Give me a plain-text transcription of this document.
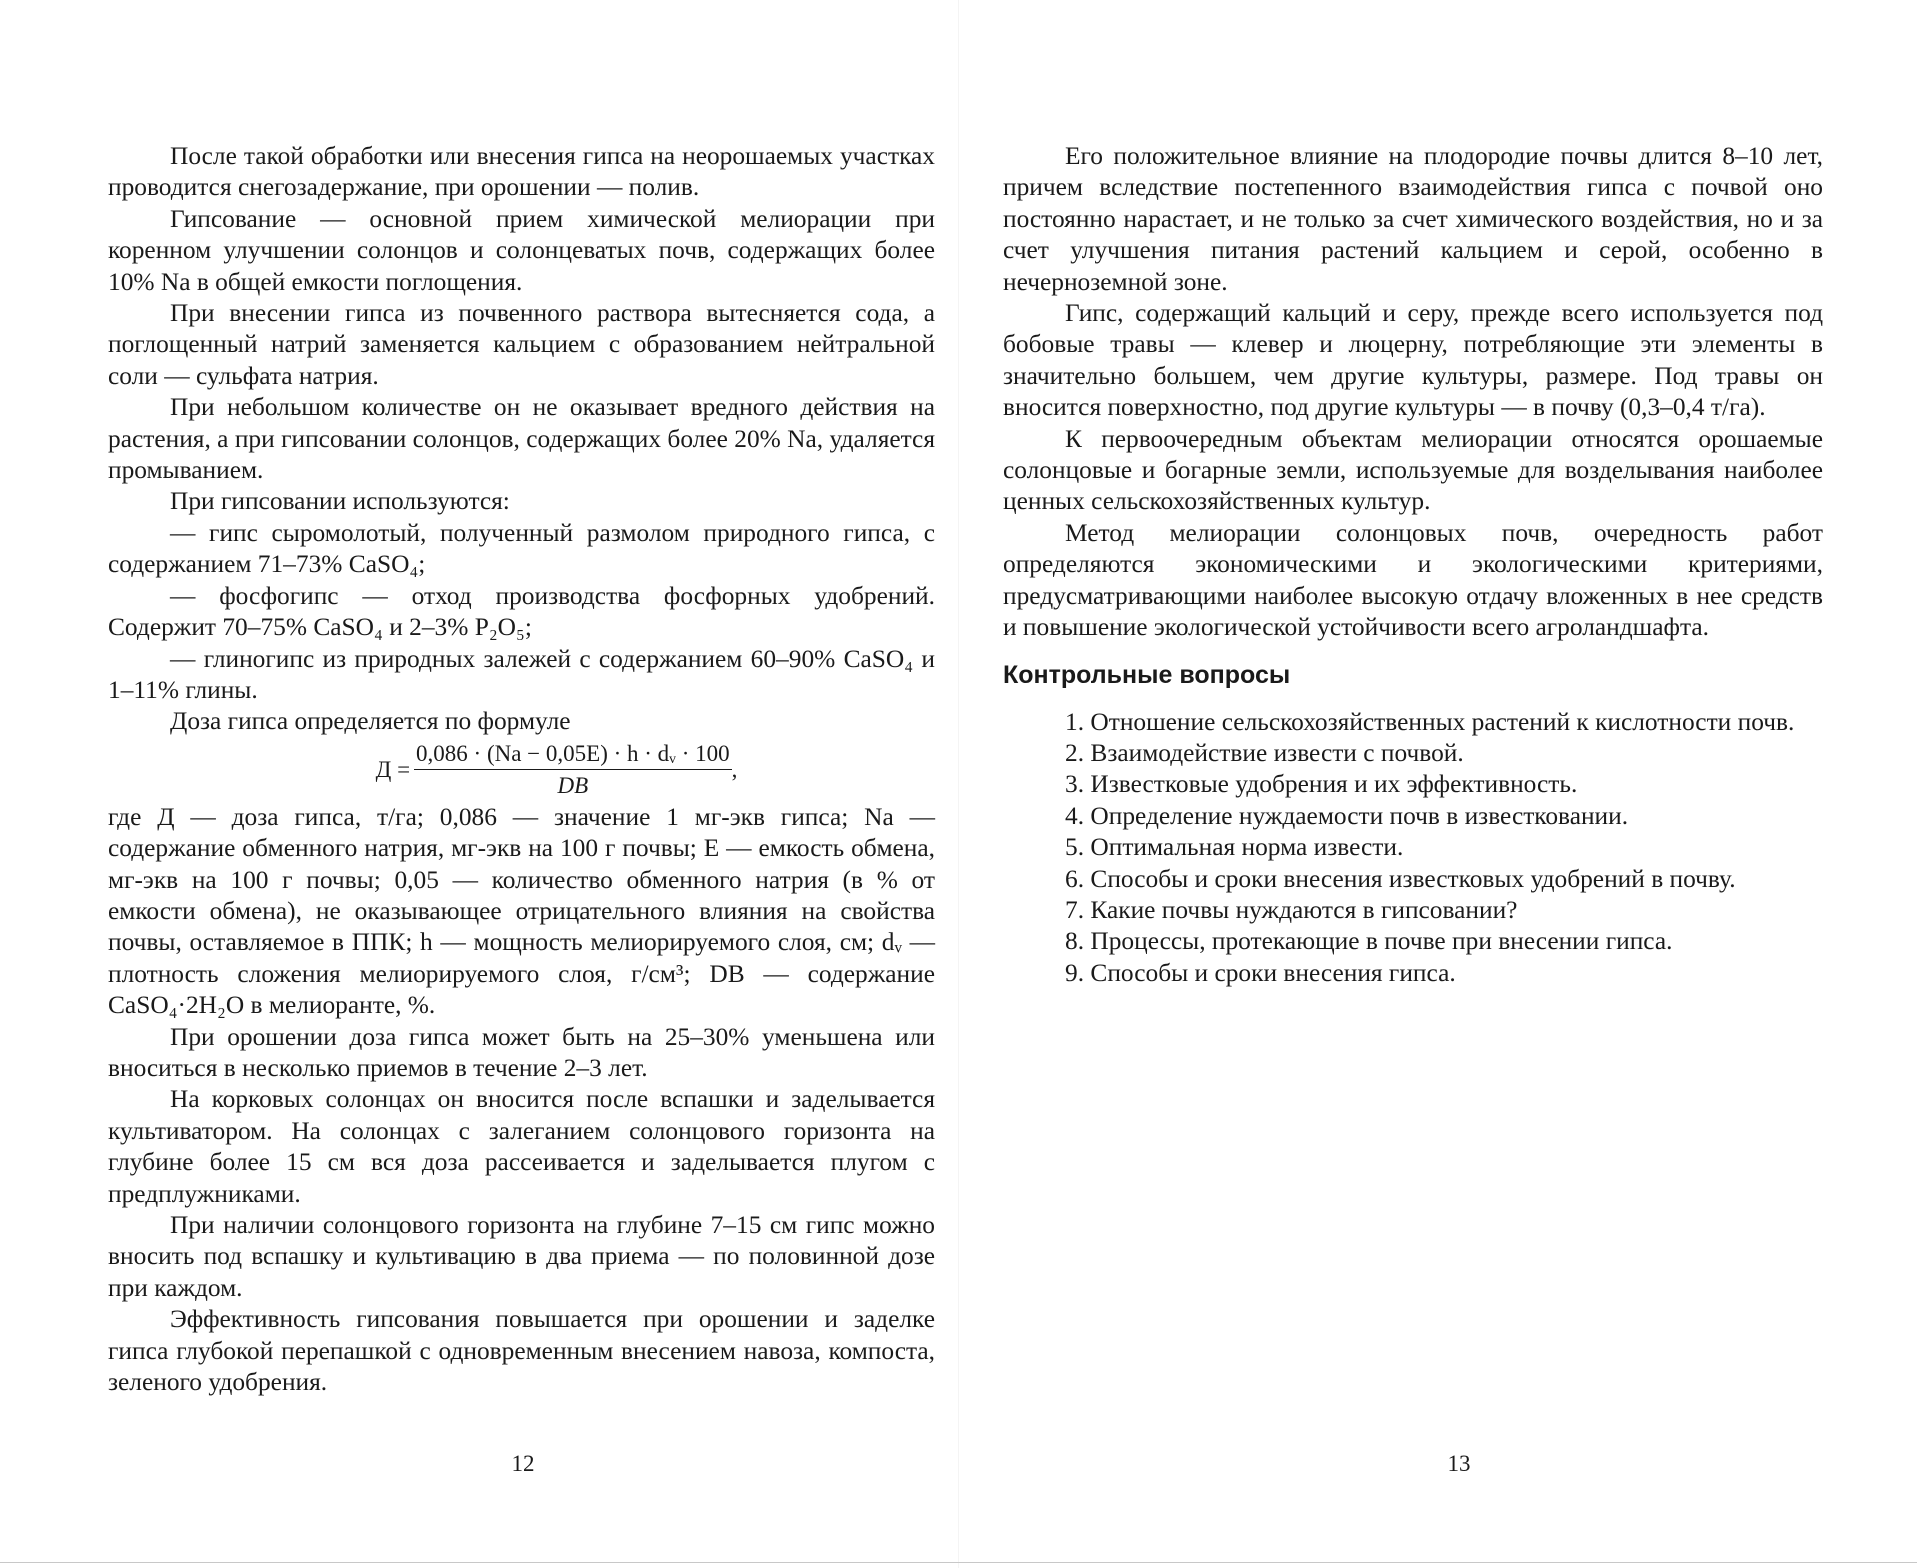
После такой обработки или внесения гипса на неорошаемых участках проводится снегозадержание, при орошении — полив.

Гипсование — основной прием химической мелиорации при коренном улучшении солонцов и солонцеватых почв, содержащих более 10% Na в общей емкости поглощения.

При внесении гипса из почвенного раствора вытесняется сода, а поглощенный натрий заменяется кальцием с образованием нейтральной соли — сульфата натрия.

При небольшом количестве он не оказывает вредного действия на растения, а при гипсовании солонцов, содержащих более 20% Na, удаляется промыванием.

При гипсовании используются:

— гипс сыромолотый, полученный размолом природного гипса, с содержанием 71–73% CaSO₄;

— фосфогипс — отход производства фосфорных удобрений. Содержит 70–75% CaSO₄ и 2–3% P₂O₅;

— глиногипс из природных залежей с содержанием 60–90% CaSO₄ и 1–11% глины.

Доза гипса определяется по формуле

$Д = \frac{\text{0,086 · (Na − 0,05E) · h · dᵥ · 100}}{DB}$ ,

где Д — доза гипса, т/га; 0,086 — значение 1 мг-экв гипса; Na — содержание обменного натрия, мг-экв на 100 г почвы; E — емкость обмена, мг-экв на 100 г почвы; 0,05 — количество обменного натрия (в % от емкости обмена), не оказывающее отрицательного влияния на свойства почвы, оставляемое в ППК; h — мощность мелиорируемого слоя, см; dᵥ — плотность сложения мелиорируемого слоя, г/см³; DB — содержание CaSO₄·2H₂O в мелиоранте, %.

При орошении доза гипса может быть на 25–30% уменьшена или вноситься в несколько приемов в течение 2–3 лет.

На корковых солонцах он вносится после вспашки и заделывается культиватором. На солонцах с залеганием солонцового горизонта на глубине более 15 см вся доза рассеивается и заделывается плугом с предплужниками.

При наличии солонцового горизонта на глубине 7–15 см гипс можно вносить под вспашку и культивацию в два приема — по половинной дозе при каждом.

Эффективность гипсования повышается при орошении и заделке гипса глубокой перепашкой с одновременным внесением навоза, компоста, зеленого удобрения.

12

Его положительное влияние на плодородие почвы длится 8–10 лет, причем вследствие постепенного взаимодействия гипса с почвой оно постоянно нарастает, и не только за счет химического воздействия, но и за счет улучшения питания растений кальцием и серой, особенно в нечерноземной зоне.

Гипс, содержащий кальций и серу, прежде всего используется под бобовые травы — клевер и люцерну, потребляющие эти элементы в значительно большем, чем другие культуры, размере. Под травы он вносится поверхностно, под другие культуры — в почву (0,3–0,4 т/га).

К первоочередным объектам мелиорации относятся орошаемые солонцовые и богарные земли, используемые для возделывания наиболее ценных сельскохозяйственных культур.

Метод мелиорации солонцовых почв, очередность работ определяются экономическими и экологическими критериями, предусматривающими наиболее высокую отдачу вложенных в нее средств и повышение экологической устойчивости всего агроландшафта.

Контрольные вопросы
1. Отношение сельскохозяйственных растений к кислотности почв.
2. Взаимодействие извести с почвой.
3. Известковые удобрения и их эффективность.
4. Определение нуждаемости почв в известковании.
5. Оптимальная норма извести.
6. Способы и сроки внесения известковых удобрений в почву.
7. Какие почвы нуждаются в гипсовании?
8. Процессы, протекающие в почве при внесении гипса.
9. Способы и сроки внесения гипса.
13
